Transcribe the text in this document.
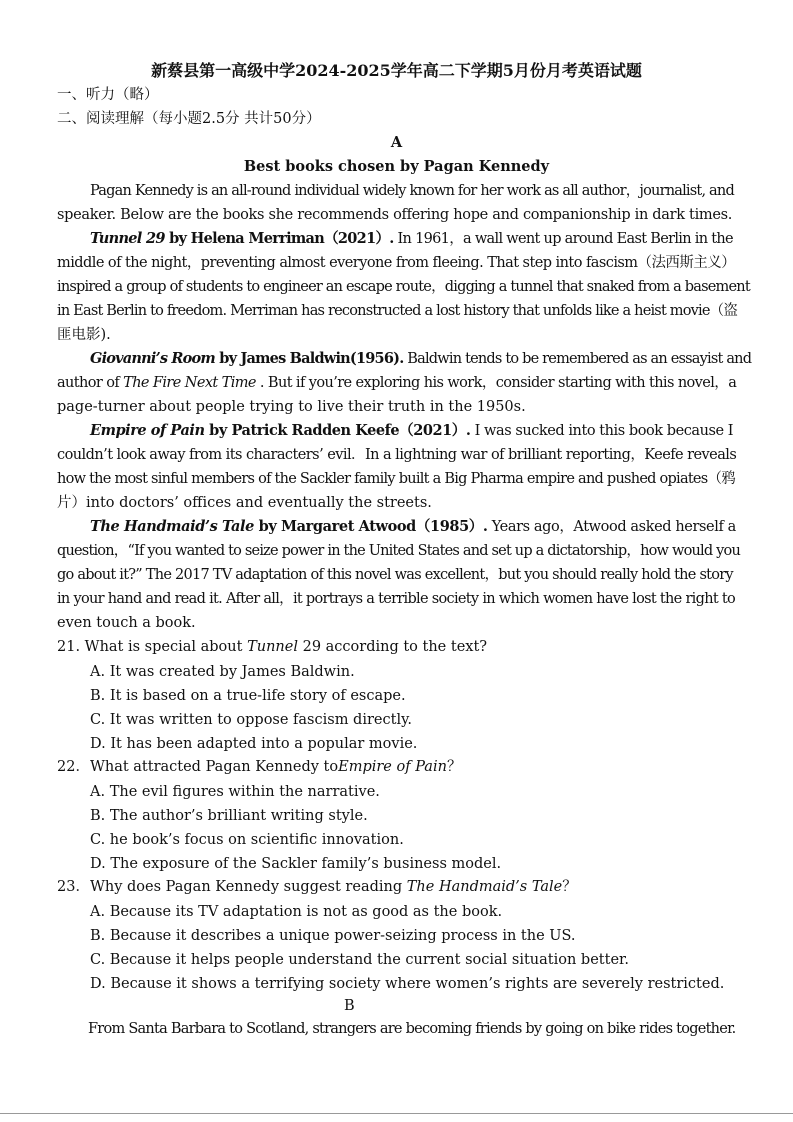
新蔡县第一高级中学2024-2025学年高二下学期5月份月考英语试题
一、听力（略）
二、阅读理解（每小题2.5分 共计50分）
A
Best books chosen by Pagan Kennedy
Pagan Kennedy is an all-round individual widely known for her work as all author，journalist, and
speaker. Below are the books she recommends offering hope and companionship in dark times.
Tunnel 29 by Helena Merriman（2021）. In 1961，a wall went up around East Berlin in the
middle of the night，preventing almost everyone from fleeing. That step into fascism（法西斯主义）
inspired a group of students to engineer an escape route，digging a tunnel that snaked from a basement
in East Berlin to freedom. Merriman has reconstructed a lost history that unfolds like a heist movie（盗
匪电影).
Giovanni’s Room by James Baldwin(1956). Baldwin tends to be remembered as an essayist and
author of The Fire Next Time . But if you’re exploring his work，consider starting with this novel，a
page-turner about people trying to live their truth in the 1950s.
Empire of Pain by Patrick Radden Keefe（2021）. I was sucked into this book because I
couldn’t look away from its characters’ evil．In a lightning war of brilliant reporting，Keefe reveals
how the most sinful members of the Sackler family built a Big Pharma empire and pushed opiates（鸦
片）into doctors’ offices and eventually the streets.
The Handmaid’s Tale by Margaret Atwood（1985）. Years ago，Atwood asked herself a
question，“If you wanted to seize power in the United States and set up a dictatorship，how would you
go about it?” The 2017 TV adaptation of this novel was excellent，but you should really hold the story
in your hand and read it. After all，it portrays a terrible society in which women have lost the right to
even touch a book.
21. What is special about Tunnel 29 according to the text?
A. It was created by James Baldwin.
B. It is based on a true-life story of escape.
C. It was written to oppose fascism directly.
D. It has been adapted into a popular movie.
22．What attracted Pagan Kennedy toEmpire of Pain？
A. The evil figures within the narrative.
B. The author’s brilliant writing style.
C. he book’s focus on scientific innovation.
D. The exposure of the Sackler family’s business model.
23．Why does Pagan Kennedy suggest reading The Handmaid’s Tale？
A. Because its TV adaptation is not as good as the book.
B. Because it describes a unique power-seizing process in the US.
C. Because it helps people understand the current social situation better.
D. Because it shows a terrifying society where women’s rights are severely restricted.
B
From Santa Barbara to Scotland, strangers are becoming friends by going on bike rides together.
